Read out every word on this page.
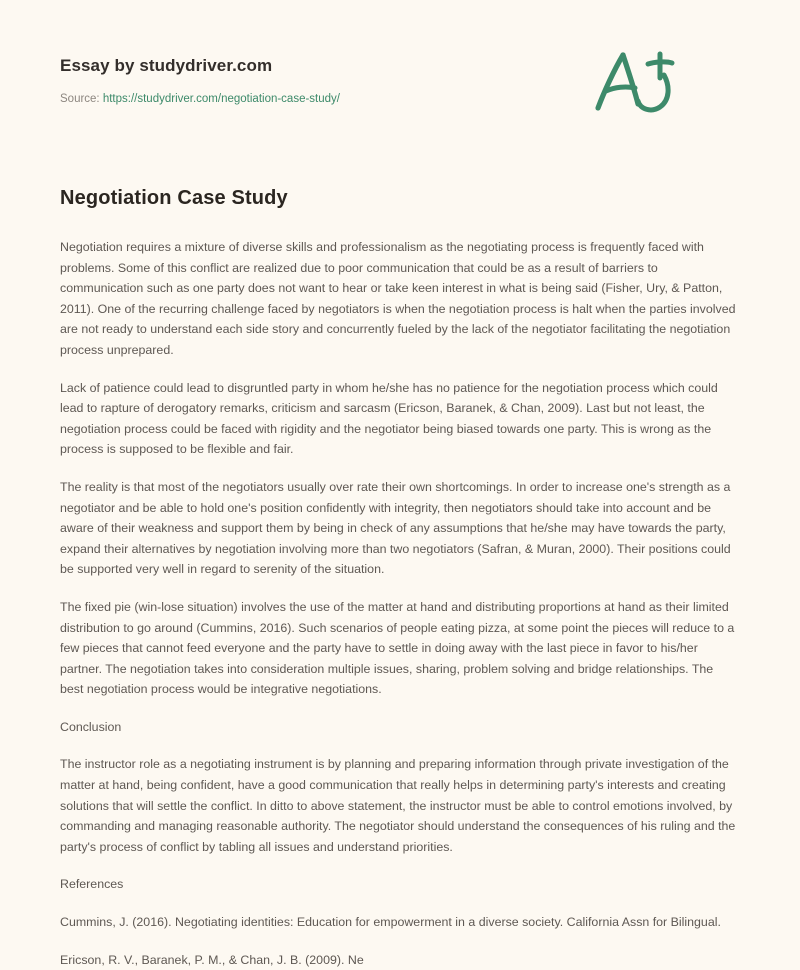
Essay by studydriver.com

Source: https://studydriver.com/negotiation-case-study/

Negotiation Case Study

Negotiation requires a mixture of diverse skills and professionalism as the negotiating process is frequently faced with problems. Some of this conflict are realized due to poor communication that could be as a result of barriers to communication such as one party does not want to hear or take keen interest in what is being said (Fisher, Ury, & Patton, 2011). One of the recurring challenge faced by negotiators is when the negotiation process is halt when the parties involved are not ready to understand each side story and concurrently fueled by the lack of the negotiator facilitating the negotiation process unprepared.

Lack of patience could lead to disgruntled party in whom he/she has no patience for the negotiation process which could lead to rapture of derogatory remarks, criticism and sarcasm (Ericson, Baranek, & Chan, 2009). Last but not least, the negotiation process could be faced with rigidity and the negotiator being biased towards one party. This is wrong as the process is supposed to be flexible and fair.

The reality is that most of the negotiators usually over rate their own shortcomings. In order to increase one's strength as a negotiator and be able to hold one's position confidently with integrity, then negotiators should take into account and be aware of their weakness and support them by being in check of any assumptions that he/she may have towards the party, expand their alternatives by negotiation involving more than two negotiators (Safran, & Muran, 2000). Their positions could be supported very well in regard to serenity of the situation.

The fixed pie (win-lose situation) involves the use of the matter at hand and distributing proportions at hand as their limited distribution to go around (Cummins, 2016). Such scenarios of people eating pizza, at some point the pieces will reduce to a few pieces that cannot feed everyone and the party have to settle in doing away with the last piece in favor to his/her partner. The negotiation takes into consideration multiple issues, sharing, problem solving and bridge relationships. The best negotiation process would be integrative negotiations.

Conclusion

The instructor role as a negotiating instrument is by planning and preparing information through private investigation of the matter at hand, being confident, have a good communication that really helps in determining party's interests and creating solutions that will settle the conflict. In ditto to above statement, the instructor must be able to control emotions involved, by commanding and managing reasonable authority. The negotiator should understand the consequences of his ruling and the party's process of conflict by tabling all issues and understand priorities.

References

Cummins, J. (2016). Negotiating identities: Education for empowerment in a diverse society. California Assn for Bilingual.

Ericson, R. V., Baranek, P. M., & Chan, J. B. (2009). Ne
